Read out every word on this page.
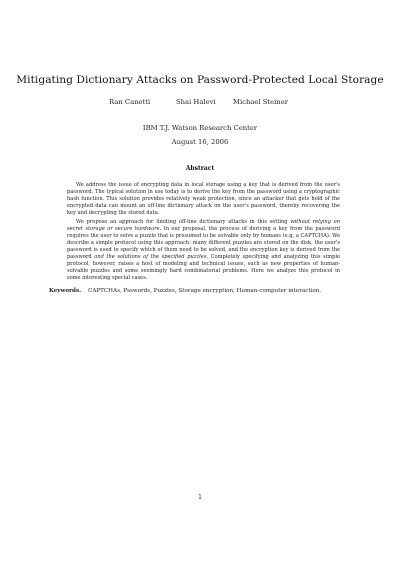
Mitigating Dictionary Attacks on Password-Protected Local Storage
Ran Canetti	Shai Halevi	Michael Steiner
IBM T.J. Watson Research Center
August 16, 2006
Abstract

We address the issue of encrypting data in local storage using a key that is derived from the user's password. The typical solution in use today is to derive the key from the password using a cryptographic hash function. This solution provides relatively weak protection, since an attacker that gets hold of the encrypted data can mount an off-line dictionary attack on the user's password, thereby recovering the key and decrypting the stored data.

We propose an approach for limiting off-line dictionary attacks in this setting without relying on secret storage or secure hardware. In our proposal, the process of deriving a key from the password requires the user to solve a puzzle that is presumed to be solvable only by humans (e.g, a CAPTCHA). We describe a simple protocol using this approach: many different puzzles are stored on the disk, the user's password is used to specify which of them need to be solved, and the encryption key is derived from the password and the solutions of the specified puzzles. Completely specifying and analyzing this simple protocol, however, raises a host of modeling and technical issues, such as new properties of human-solvable puzzles and some seemingly hard combinatorial problems. Here we analyze this protocol in some interesting special cases.

Keywords. CAPTCHAs, Psswords, Puzzles, Storage encryption, Human-computer interaction.
1
